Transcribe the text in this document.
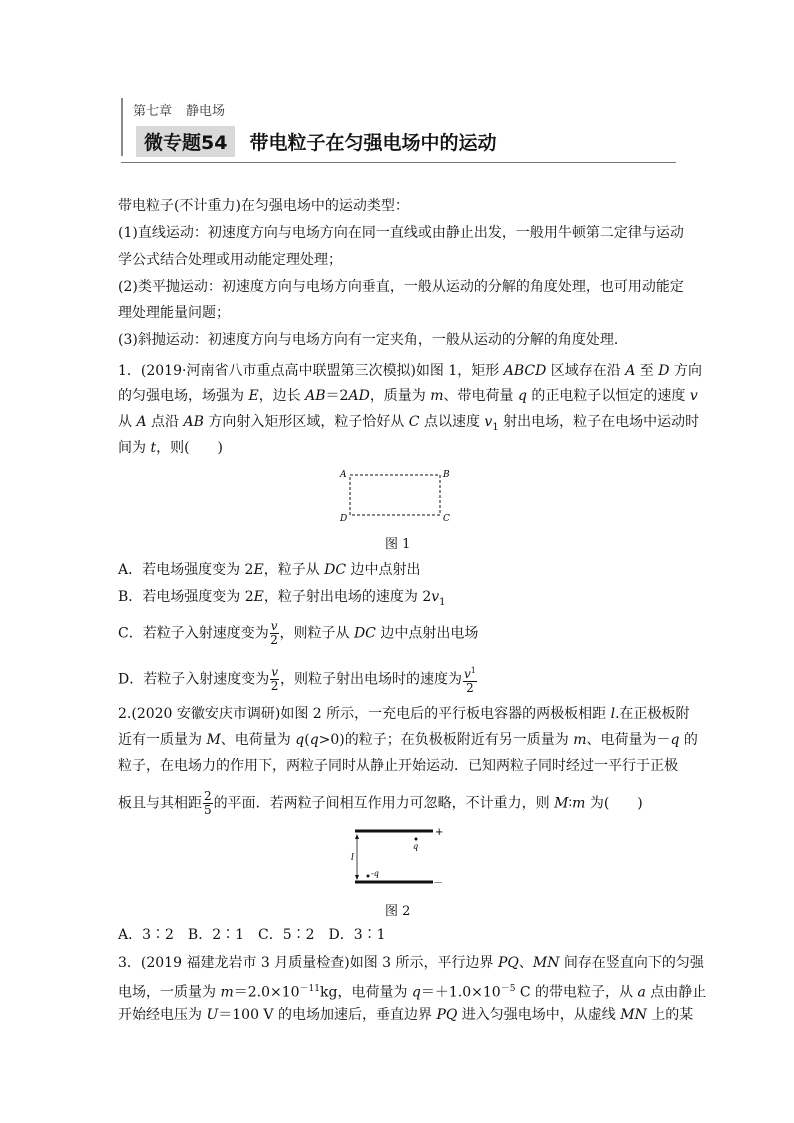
第七章 静电场
微专题54 带电粒子在匀强电场中的运动
带电粒子(不计重力)在匀强电场中的运动类型：
(1)直线运动：初速度方向与电场方向在同一直线或由静止出发，一般用牛顿第二定律与运动
学公式结合处理或用动能定理处理；
(2)类平抛运动：初速度方向与电场方向垂直，一般从运动的分解的角度处理，也可用动能定
理处理能量问题；
(3)斜抛运动：初速度方向与电场方向有一定夹角，一般从运动的分解的角度处理．
1．(2019·河南省八市重点高中联盟第三次模拟)如图 1，矩形 ABCD 区域存在沿 A 至 D 方向
的匀强电场，场强为 E，边长 AB＝2AD，质量为 m、带电荷量 q 的正电粒子以恒定的速度 v
从 A 点沿 AB 方向射入矩形区域，粒子恰好从 C 点以速度 $v_1$ 射出电场，粒子在电场中运动时
间为 t，则(　　)
A	B
D	C
图 1
A．若电场强度变为 2E，粒子从 DC 边中点射出
B．若电场强度变为 2E，粒子射出电场的速度为 $2v_1$
C．若粒子入射速度变为 $\frac{v}{2}$ ，则粒子从 DC 边中点射出电场
D．若粒子入射速度变为 $\frac{v}{2}$ ，则粒子射出电场时的速度为 $\frac{v^1}{2}$
2.(2020 安徽安庆市调研)如图 2 所示，一充电后的平行板电容器的两极板相距 l.在正极板附
近有一质量为 M、电荷量为 q(q>0)的粒子；在负极板附近有另一质量为 m、电荷量为－q 的
粒子，在电场力的作用下，两粒子同时从静止开始运动．已知两粒子同时经过一平行于正极
板且与其相距 $\frac{2}{5}$ 的平面．若两粒子间相互作用力可忽略，不计重力，则 M∶m 为(　　)
+
q
l
-q
－
图 2
A．3∶2　B．2∶1　C．5∶2　D．3∶1
3．(2019 福建龙岩市 3 月质量检查)如图 3 所示，平行边界 PQ、MN 间存在竖直向下的匀强
电场，一质量为 $m=2.0\times 10^{-11}kg$，电荷量为 $q=+1.0\times 10^{-5}$ C 的带电粒子，从 a 点由静止
开始经电压为 U＝100 V 的电场加速后，垂直边界 PQ 进入匀强电场中，从虚线 MN 上的某
